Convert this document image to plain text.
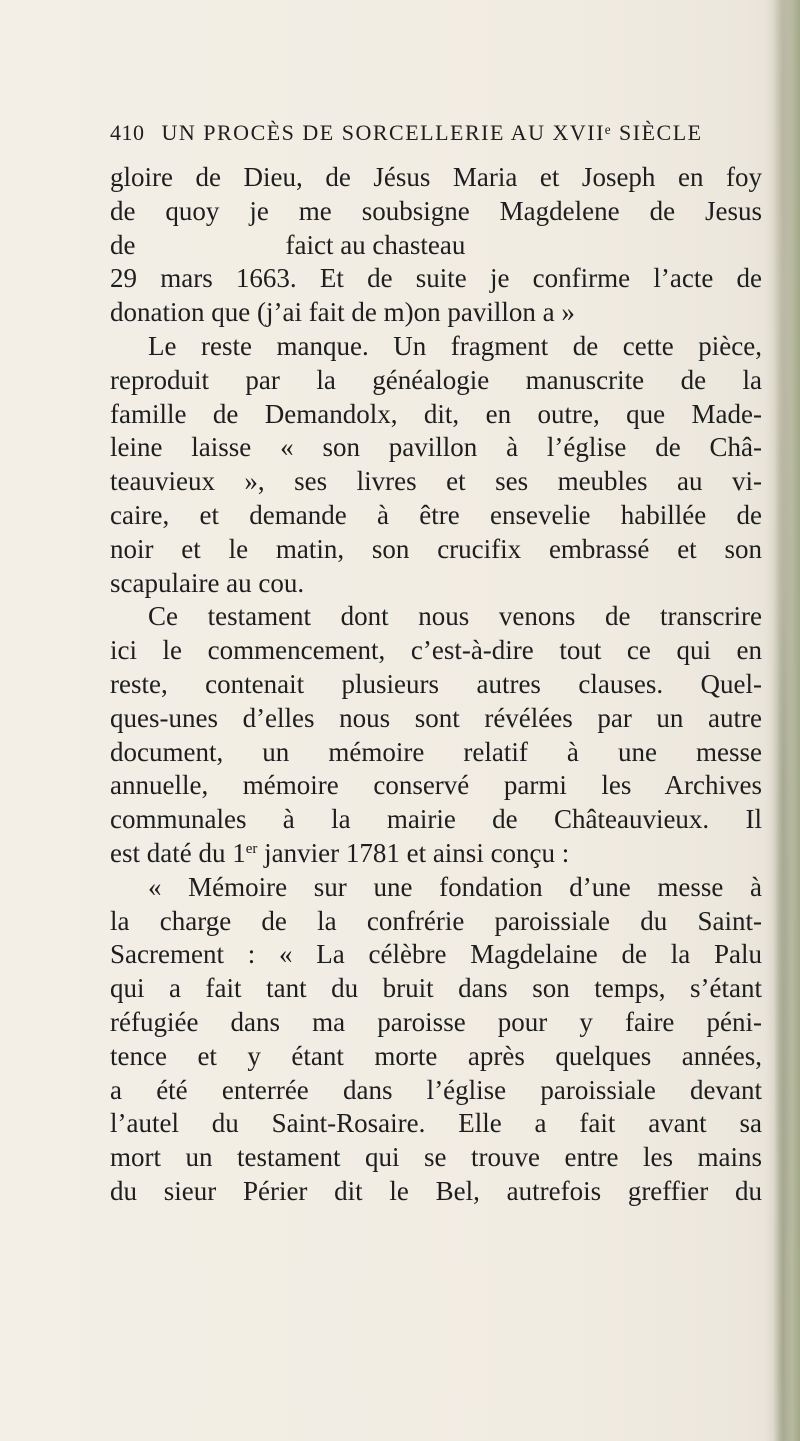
410 UN PROCÈS DE SORCELLERIE AU XVIIᵉ SIÈCLE
gloire de Dieu, de Jésus Maria et Joseph en foy
de quoy je me soubsigne Magdelene de Jesus
de	faict au chasteau
29 mars 1663. Et de suite je confirme l’acte de
donation que (j’ai fait de m)on pavillon a »
Le reste manque. Un fragment de cette pièce,
reproduit par la généalogie manuscrite de la
famille de Demandolx, dit, en outre, que Made-
leine laisse « son pavillon à l’église de Châ-
teauvieux », ses livres et ses meubles au vi-
caire, et demande à être ensevelie habillée de
noir et le matin, son crucifix embrassé et son
scapulaire au cou.
Ce testament dont nous venons de transcrire
ici le commencement, c’est-à-dire tout ce qui en
reste, contenait plusieurs autres clauses. Quel-
ques-unes d’elles nous sont révélées par un autre
document, un mémoire relatif à une messe
annuelle, mémoire conservé parmi les Archives
communales à la mairie de Châteauvieux. Il
est daté du 1er janvier 1781 et ainsi conçu :
« Mémoire sur une fondation d’une messe à
la charge de la confrérie paroissiale du Saint-
Sacrement : « La célèbre Magdelaine de la Palu
qui a fait tant du bruit dans son temps, s’étant
réfugiée dans ma paroisse pour y faire péni-
tence et y étant morte après quelques années,
a été enterrée dans l’église paroissiale devant
l’autel du Saint-Rosaire. Elle a fait avant sa
mort un testament qui se trouve entre les mains
du sieur Périer dit le Bel, autrefois greffier du
